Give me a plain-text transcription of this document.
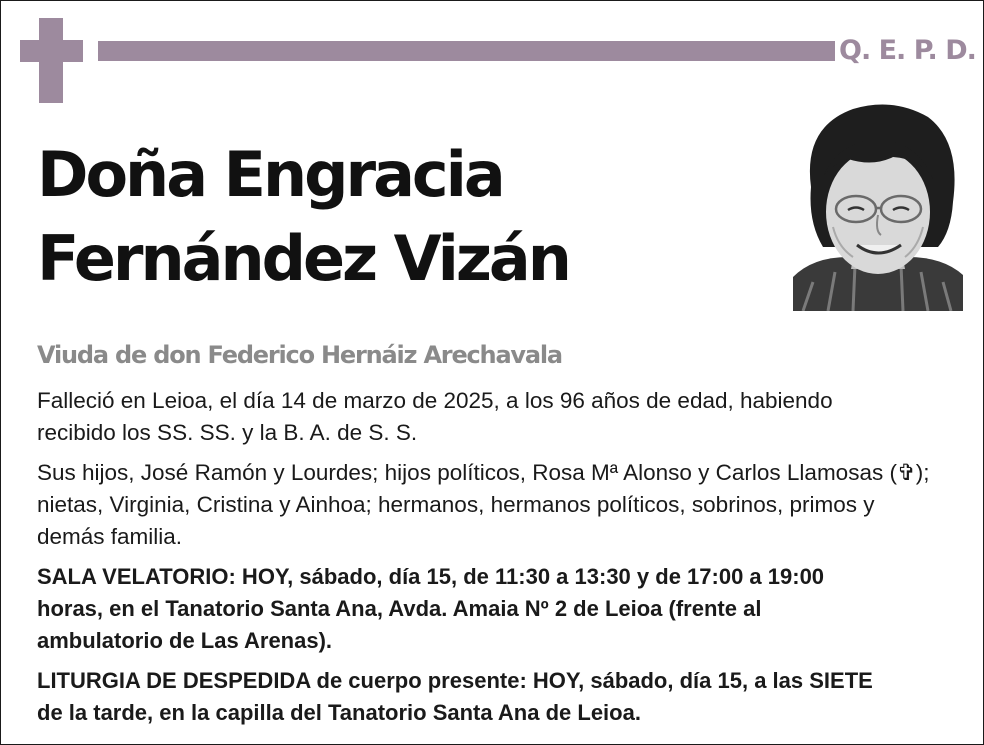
Q. E. P. D.
Doña Engracia
Fernández Vizán
Viuda de don Federico Hernáiz Arechavala
Falleció en Leioa, el día 14 de marzo de 2025, a los 96 años de edad, habiendo
recibido los SS. SS. y la B. A. de S. S.
Sus hijos, José Ramón y Lourdes; hijos políticos, Rosa Mª Alonso y Carlos Llamosas (✞);
nietas, Virginia, Cristina y Ainhoa; hermanos, hermanos políticos, sobrinos, primos y
demás familia.
SALA VELATORIO: HOY, sábado, día 15, de 11:30 a 13:30 y de 17:00 a 19:00
horas, en el Tanatorio Santa Ana, Avda. Amaia Nº 2 de Leioa (frente al
ambulatorio de Las Arenas).
LITURGIA DE DESPEDIDA de cuerpo presente: HOY, sábado, día 15, a las SIETE
de la tarde, en la capilla del Tanatorio Santa Ana de Leioa.
